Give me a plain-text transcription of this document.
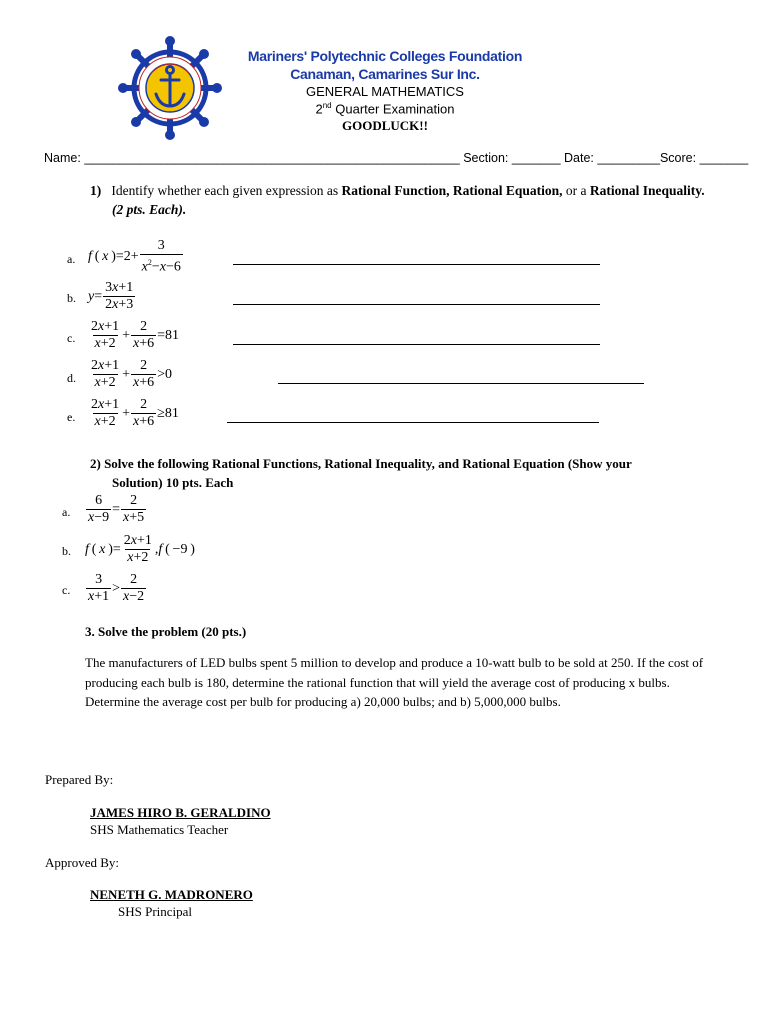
Mariners' Polytechnic Colleges Foundation
Canaman, Camarines Sur Inc.
GENERAL MATHEMATICS
2nd Quarter Examination
GOODLUCK!!
Name: ______________________________________________________ Section: _______ Date: _________Score: _______
1) Identify whether each given expression as Rational Function, Rational Equation, or a Rational Inequality.
(2 pts. Each).
a. f  (  x  )$=2+ \frac{3}{x^2-x-6}$
b. $y = \frac{3x+1}{2x+3}$
c. $\frac{2x+1}{x+2} + \frac{2}{x+6} =81$
d. $\frac{2x+1}{x+2} + \frac{2}{x+6} >0$
e. $\frac{2x+1}{x+2} + \frac{2}{x+6} \ge 81$
2) Solve the following Rational Functions, Rational Inequality, and Rational Equation (Show your
Solution) 10 pts. Each
a. $\frac{6}{x-9} = \frac{2}{x+5}$
b. f  (  x  )= $\frac{2x+1}{x+2}$ , f  ( −9 )
c. $\frac{3}{x+1} > \frac{2}{x-2}$
3. Solve the problem (20 pts.)
The manufacturers of LED bulbs spent 5 million to develop and produce a 10-watt bulb to be sold at 250. If the cost of producing each bulb is 180, determine the rational function that will yield the average cost of producing x bulbs. Determine the average cost per bulb for producing a) 20,000 bulbs; and b) 5,000,000 bulbs.
Prepared By:
JAMES HIRO B. GERALDINO
SHS Mathematics Teacher
Approved By:
NENETH G. MADRONERO
SHS Principal
